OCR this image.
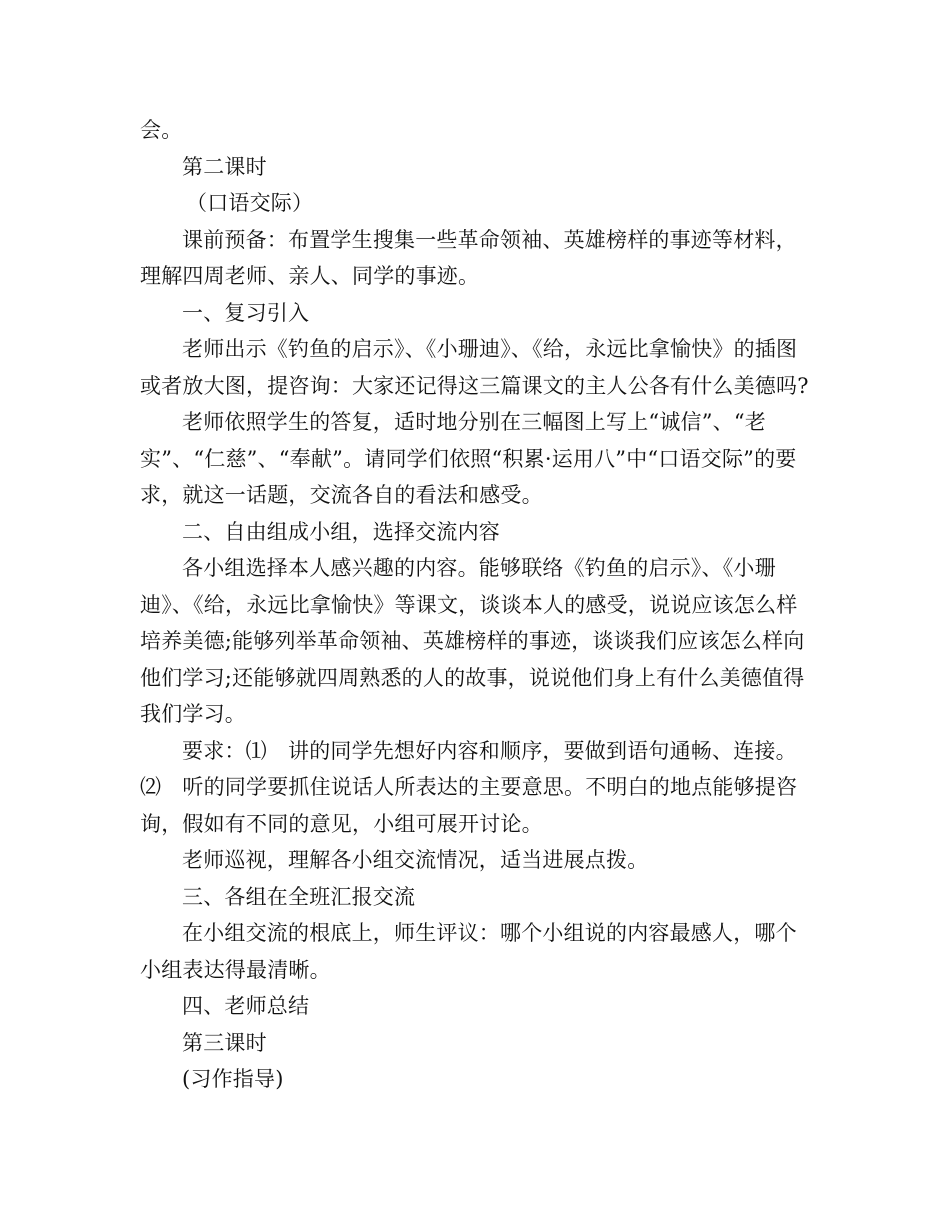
会。

第二课时

（口语交际）

课前预备：布置学生搜集一些革命领袖、英雄榜样的事迹等材料，理解四周老师、亲人、同学的事迹。

一、复习引入

老师出示《钓鱼的启示》、《小珊迪》、《给，永远比拿愉快》的插图或者放大图，提咨询：大家还记得这三篇课文的主人公各有什么美德吗?

老师依照学生的答复，适时地分别在三幅图上写上“诚信”、“老实”、“仁慈”、“奉献”。请同学们依照“积累·运用八”中“口语交际”的要求，就这一话题，交流各自的看法和感受。

二、自由组成小组，选择交流内容

各小组选择本人感兴趣的内容。能够联络《钓鱼的启示》、《小珊迪》、《给，永远比拿愉快》等课文，谈谈本人的感受，说说应该怎么样培养美德;能够列举革命领袖、英雄榜样的事迹，谈谈我们应该怎么样向他们学习;还能够就四周熟悉的人的故事，说说他们身上有什么美德值得我们学习。

要求：⑴　讲的同学先想好内容和顺序，要做到语句通畅、连接。⑵　听的同学要抓住说话人所表达的主要意思。不明白的地点能够提咨询，假如有不同的意见，小组可展开讨论。

老师巡视，理解各小组交流情况，适当进展点拨。

三、各组在全班汇报交流

在小组交流的根底上，师生评议：哪个小组说的内容最感人，哪个小组表达得最清晰。

四、老师总结

第三课时

(习作指导)
